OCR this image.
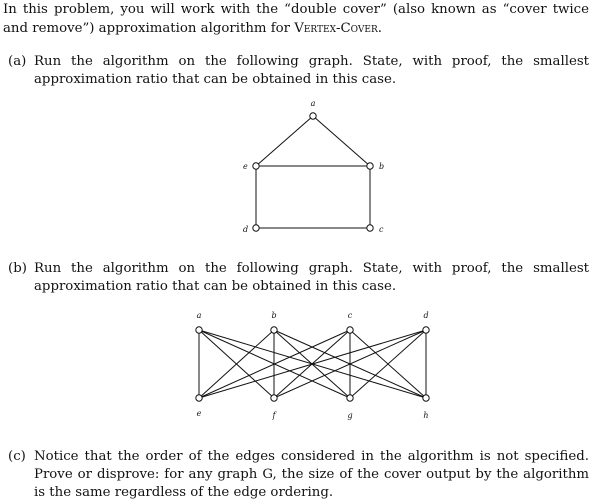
In this problem, you will work with the “double cover” (also known as “cover twice and remove”) approximation algorithm for Vertex-Cover.
(a) Run the algorithm on the following graph. State, with proof, the smallest approximation ratio that can be obtained in this case.
a
b
c
d
e
a	b	c	d
e	f	g	h
(b) Run the algorithm on the following graph. State, with proof, the smallest approximation ratio that can be obtained in this case.
(c) Notice that the order of the edges considered in the algorithm is not specified. Prove or disprove: for any graph G, the size of the cover output by the algorithm is the same regardless of the edge ordering.
